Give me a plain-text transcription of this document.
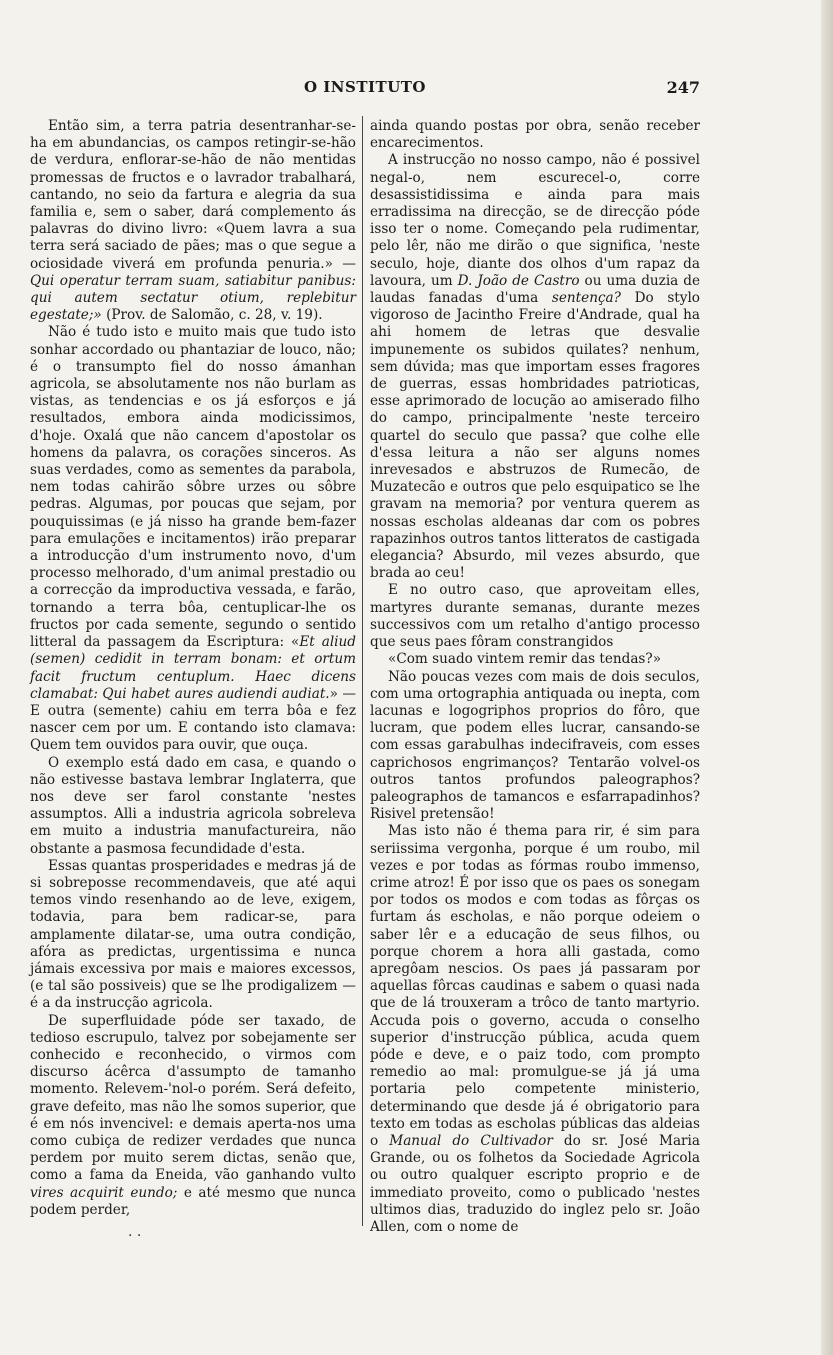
O INSTITUTO	247

Então sim, a terra patria desentranhar-se-ha em abundancias, os campos retingir-se-hão de verdura, enflorar-se-hão de não mentidas promessas de fructos e o lavrador trabalhará, cantando, no seio da fartura e alegria da sua familia e, sem o saber, dará complemento ás palavras do divino livro: «Quem lavra a sua terra será saciado de pães; mas o que segue a ociosidade viverá em profunda penuria.» — Qui operatur terram suam, satiabitur panibus: qui autem sectatur otium, replebitur egestate;» (Prov. de Salomão, c. 28, v. 19).

Não é tudo isto e muito mais que tudo isto sonhar accordado ou phantaziar de louco, não; é o transumpto fiel do nosso ámanhan agricola, se absolutamente nos não burlam as vistas, as tendencias e os já esforços e já resultados, embora ainda modicissimos, d'hoje. Oxalá que não cancem d'apostolar os homens da palavra, os corações sinceros. As suas verdades, como as sementes da parabola, nem todas cahirão sôbre urzes ou sôbre pedras. Algumas, por poucas que sejam, por pouquissimas (e já nisso ha grande bem-fazer para emulações e incitamentos) irão preparar a introducção d'um instrumento novo, d'um processo melhorado, d'um animal prestadio ou a correcção da improductiva vessada, e farão, tornando a terra bôa, centuplicar-lhe os fructos por cada semente, segundo o sentido litteral da passagem da Escriptura: «Et aliud (semen) cedidit in terram bonam: et ortum facit fructum centuplum. Haec dicens clamabat: Qui habet aures audiendi audiat.» — E outra (semente) cahiu em terra bôa e fez nascer cem por um. E contando isto clamava: Quem tem ouvidos para ouvir, que ouça.

O exemplo está dado em casa, e quando o não estivesse bastava lembrar Inglaterra, que nos deve ser farol constante 'nestes assumptos. Alli a industria agricola sobreleva em muito a industria manufactureira, não obstante a pasmosa fecundidade d'esta.

Essas quantas prosperidades e medras já de si sobreposse recommendaveis, que até aqui temos vindo resenhando ao de leve, exigem, todavia, para bem radicar-se, para amplamente dilatar-se, uma outra condição, afóra as predictas, urgentissima e nunca jámais excessiva por mais e maiores excessos, (e tal são possiveis) que se lhe prodigalizem — é a da instrucção agricola.

De superfluidade póde ser taxado, de tedioso escrupulo, talvez por sobejamente ser conhecido e reconhecido, o virmos com discurso ácêrca d'assumpto de tamanho momento. Relevem-'nol-o porém. Será defeito, grave defeito, mas não lhe somos superior, que é em nós invencivel: e demais aperta-nos uma como cubiça de redizer verdades que nunca perdem por muito serem dictas, senão que, como a fama da Eneida, vão ganhando vulto vires acquirit eundo; e até mesmo que nunca podem perder,

ainda quando postas por obra, senão receber encarecimentos.

A instrucção no nosso campo, não é possivel negal-o, nem escurecel-o, corre desassistidissima e ainda para mais erradissima na direcção, se de direcção póde isso ter o nome. Começando pela rudimentar, pelo lêr, não me dirão o que significa, 'neste seculo, hoje, diante dos olhos d'um rapaz da lavoura, um D. João de Castro ou uma duzia de laudas fanadas d'uma sentença? Do stylo vigoroso de Jacintho Freire d'Andrade, qual ha ahi homem de letras que desvalie impunemente os subidos quilates? nenhum, sem dúvida; mas que importam esses fragores de guerras, essas hombridades patrioticas, esse aprimorado de locução ao amiserado filho do campo, principalmente 'neste terceiro quartel do seculo que passa? que colhe elle d'essa leitura a não ser alguns nomes inrevesados e abstruzos de Rumecão, de Muzatecão e outros que pelo esquipatico se lhe gravam na memoria? por ventura querem as nossas escholas aldeanas dar com os pobres rapazinhos outros tantos litteratos de castigada elegancia? Absurdo, mil vezes absurdo, que brada ao ceu!

E no outro caso, que aproveitam elles, martyres durante semanas, durante mezes successivos com um retalho d'antigo processo que seus paes fôram constrangidos

«Com suado vintem remir das tendas?»

Não poucas vezes com mais de dois seculos, com uma ortographia antiquada ou inepta, com lacunas e logogriphos proprios do fôro, que lucram, que podem elles lucrar, cansando-se com essas garabulhas indecifraveis, com esses caprichosos engrimanços? Tentarão volvel-os outros tantos profundos paleographos? paleographos de tamancos e esfarrapadinhos? Risivel pretensão!

Mas isto não é thema para rir, é sim para seriissima vergonha, porque é um roubo, mil vezes e por todas as fórmas roubo immenso, crime atroz! É por isso que os paes os sonegam por todos os modos e com todas as fôrças os furtam ás escholas, e não porque odeiem o saber lêr e a educação de seus filhos, ou porque chorem a hora alli gastada, como apregôam nescios. Os paes já passaram por aquellas fôrcas caudinas e sabem o quasi nada que de lá trouxeram a trôco de tanto martyrio. Accuda pois o governo, accuda o conselho superior d'instrucção pública, acuda quem póde e deve, e o paiz todo, com prompto remedio ao mal: promulgue-se já já uma portaria pelo competente ministerio, determinando que desde já é obrigatorio para texto em todas as escholas públicas das aldeias o Manual do Cultivador do sr. José Maria Grande, ou os folhetos da Sociedade Agricola ou outro qualquer escripto proprio e de immediato proveito, como o publicado 'nestes ultimos dias, traduzido do inglez pelo sr. João Allen, com o nome de

. .
